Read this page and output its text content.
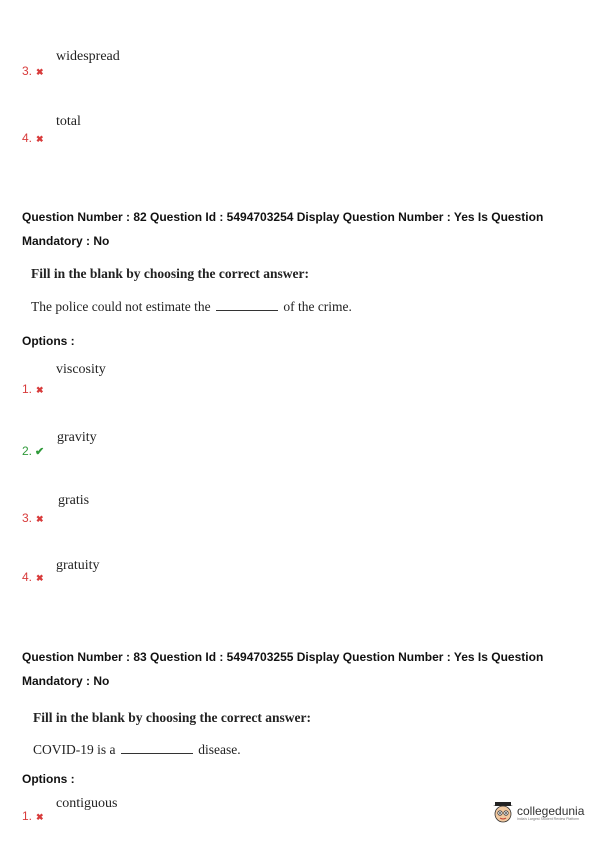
widespread
3. ✖
total
4. ✖
Question Number : 82 Question Id : 5494703254 Display Question Number : Yes Is Question Mandatory : No
Fill in the blank by choosing the correct answer:
The police could not estimate the	of the crime.
Options :
viscosity
1. ✖
gravity
2. ✔
gratis
3. ✖
gratuity
4. ✖
Question Number : 83 Question Id : 5494703255 Display Question Number : Yes Is Question Mandatory : No
Fill in the blank by choosing the correct answer:
COVID-19 is a	disease.
Options :
contiguous
1. ✖	collegedunia
India's Largest Student Review Platform
